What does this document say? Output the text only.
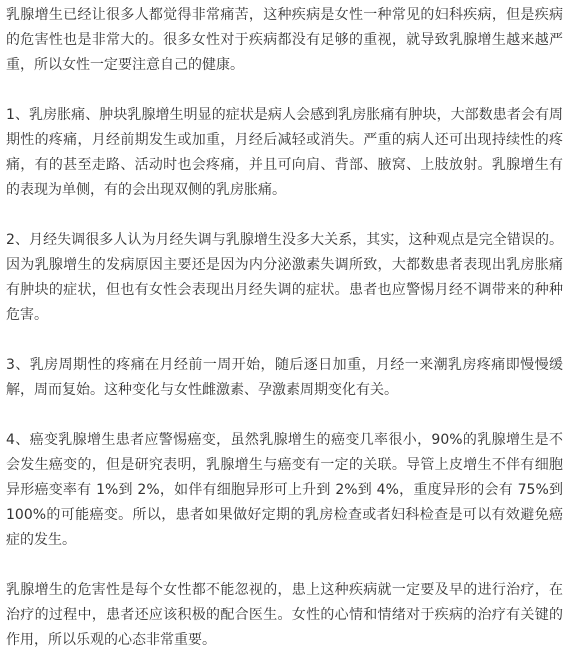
乳腺增生已经让很多人都觉得非常痛苦，这种疾病是女性一种常见的妇科疾病，但是疾病的危害性也是非常大的。很多女性对于疾病都没有足够的重视，就导致乳腺增生越来越严重，所以女性一定要注意自己的健康。

1、乳房胀痛、肿块乳腺增生明显的症状是病人会感到乳房胀痛有肿块，大部数患者会有周期性的疼痛，月经前期发生或加重，月经后减轻或消失。严重的病人还可出现持续性的疼痛，有的甚至走路、活动时也会疼痛，并且可向肩、背部、腋窝、上肢放射。乳腺增生有的表现为单侧，有的会出现双侧的乳房胀痛。

2、月经失调很多人认为月经失调与乳腺增生没多大关系，其实，这种观点是完全错误的。因为乳腺增生的发病原因主要还是因为内分泌激素失调所致，大都数患者表现出乳房胀痛有肿块的症状，但也有女性会表现出月经失调的症状。患者也应警惕月经不调带来的种种危害。

3、乳房周期性的疼痛在月经前一周开始，随后逐日加重，月经一来潮乳房疼痛即慢慢缓解，周而复始。这种变化与女性雌激素、孕激素周期变化有关。

4、癌变乳腺增生患者应警惕癌变，虽然乳腺增生的癌变几率很小，90%的乳腺增生是不会发生癌变的，但是研究表明，乳腺增生与癌变有一定的关联。导管上皮增生不伴有细胞异形癌变率有 1%到 2%，如伴有细胞异形可上升到 2%到 4%，重度异形的会有 75%到 100%的可能癌变。所以，患者如果做好定期的乳房检查或者妇科检查是可以有效避免癌症的发生。

乳腺增生的危害性是每个女性都不能忽视的，患上这种疾病就一定要及早的进行治疗，在治疗的过程中，患者还应该积极的配合医生。女性的心情和情绪对于疾病的治疗有关键的作用，所以乐观的心态非常重要。
